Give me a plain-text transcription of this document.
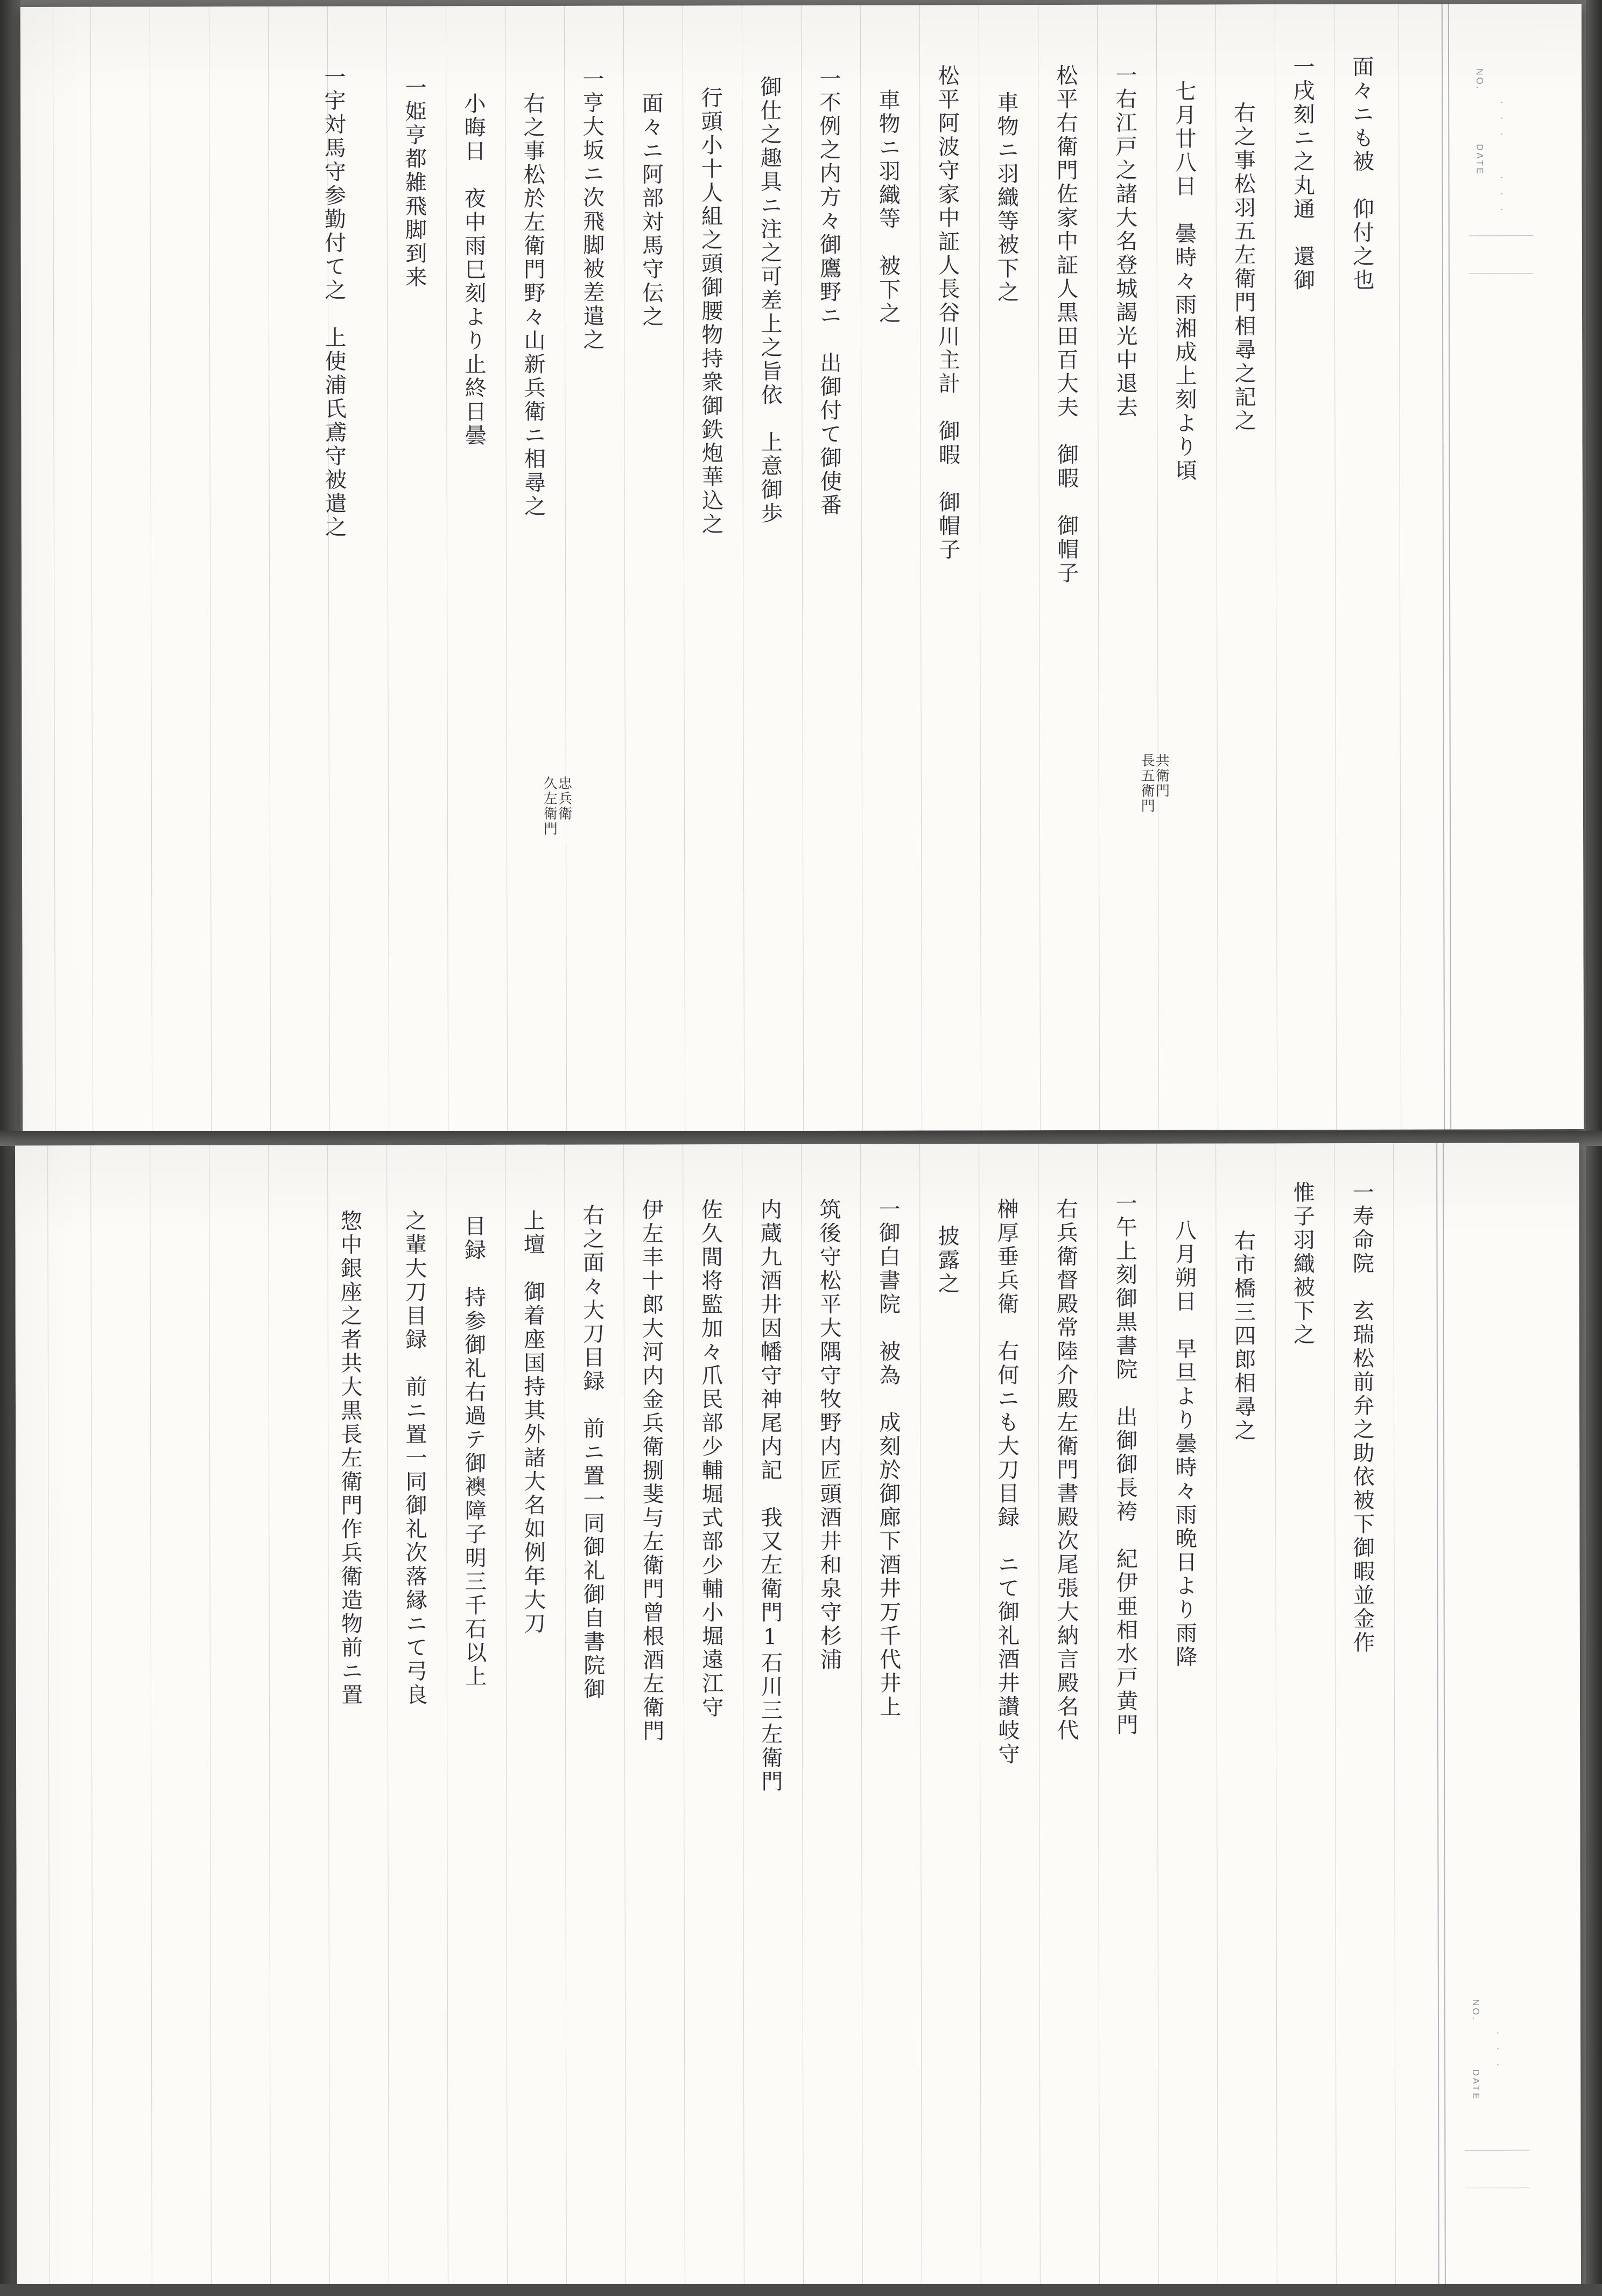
NO.
DATE
· · ·
· · ·
面々ニも被　仰付之也
一戌刻ニ之丸通　還御
右之事松羽五左衛門相尋之記之
七月廿八日　曇時々雨湘成上刻より頃
一右江戸之諸大名登城謁光中退去
松平右衛門佐家中証人黒田百大夫　御暇　御帽子
車物ニ羽織等被下之
松平阿波守家中証人長谷川主計　御暇　御帽子
車物ニ羽織等　被下之
一不例之内方々御鷹野ニ　出御付て御使番
御仕之趣具ニ注之可差上之旨依　上意御歩
行頭小十人組之頭御腰物持衆御鉄炮華込之
面々ニ阿部対馬守伝之
一亨大坂ニ次飛脚被差遣之
右之事松於左衛門野々山新兵衛ニ相尋之
小晦日　夜中雨巳刻より止終日曇
一姫亨都雑飛脚到来
一宇対馬守参勤付て之　上使浦氏鳶守被遣之
共衛門
長五衛門
忠兵衛
久左衛門
NO.
DATE
· · ·
一寿命院　玄瑞松前弁之助依被下御暇並金作
惟子羽織被下之
右市橋三四郎相尋之
八月朔日　早旦より曇時々雨晩日より雨降
一午上刻御黒書院　出御御長袴　紀伊亜相水戸黄門
右兵衛督殿常陸介殿左衛門書殿次尾張大納言殿名代
榊厚垂兵衛　右何ニも大刀目録　ニて御礼酒井讃岐守
披露之
一御白書院　被為　成刻於御廊下酒井万千代井上
筑後守松平大隅守牧野内匠頭酒井和泉守杉浦
内蔵九酒井因幡守神尾内記　我又左衛門1石川三左衛門
佐久間将監加々爪民部少輔堀式部少輔小堀遠江守
伊左丰十郎大河内金兵衛捌斐与左衛門曾根酒左衛門
右之面々大刀目録　前ニ置一同御礼御自書院御
上壇　御着座国持其外諸大名如例年大刀
目録　持参御礼右過テ御襖障子明三千石以上
之輩大刀目録　前ニ置一同御礼次落縁ニて弓良
惣中銀座之者共大黒長左衛門作兵衛造物前ニ置
